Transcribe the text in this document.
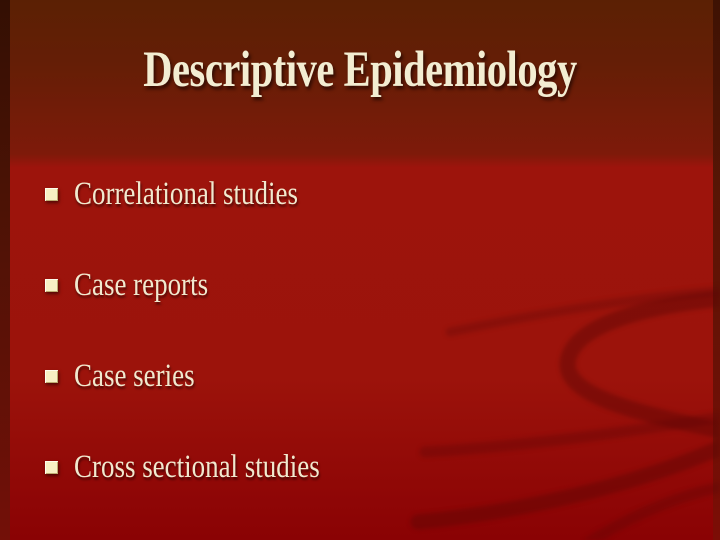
Descriptive Epidemiology
Correlational studies
Case reports
Case series
Cross sectional studies
